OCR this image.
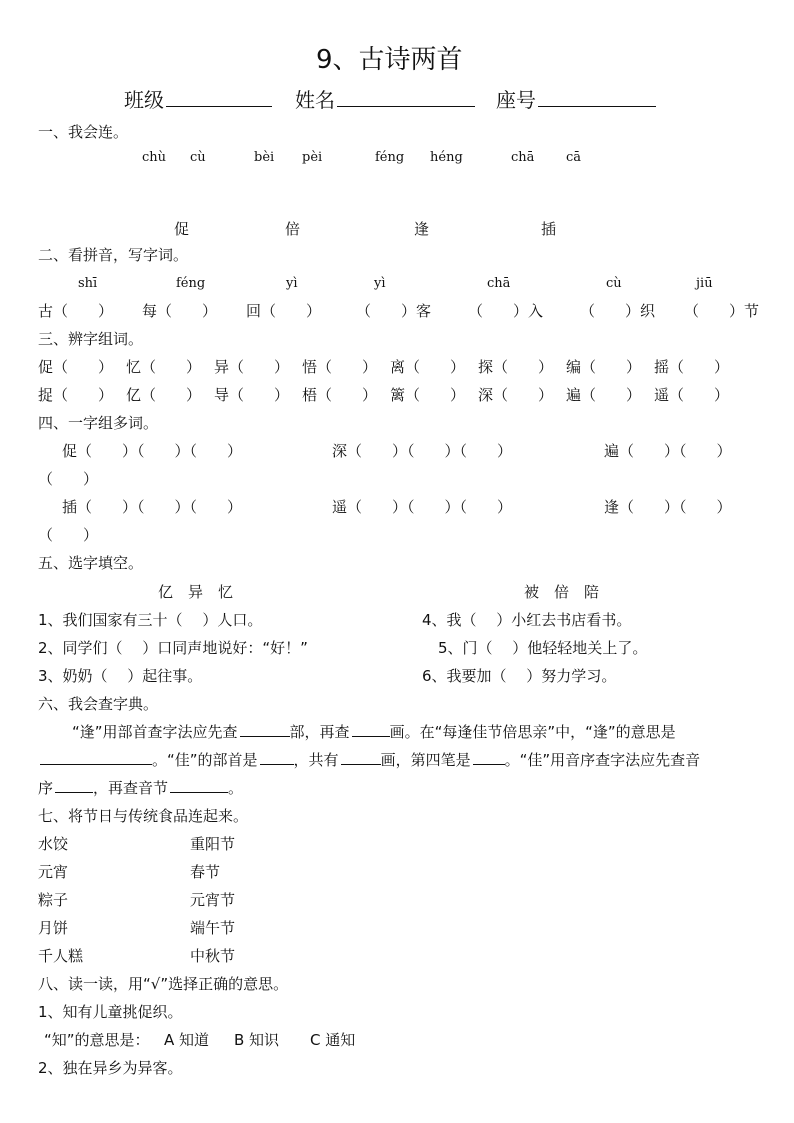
9、古诗两首
班级	姓名	座号
一、我会连。
chù cù	bèi pèi	féng héng	chā cā
促	倍	逢	插
二、看拼音，写字词。
shī	féng	yì	yì	chā	cù	jiū
古（　　） 每（　　） 回（　　） （　　）客 （　　）入 （　　）织 （　　）节
三、辨字组词。
促（　　） 忆（　　） 异（　　） 悟（　　） 离（　　） 探（　　） 编（　　） 摇（　　）
捉（　　） 亿（　　） 导（　　） 梧（　　） 篱（　　） 深（　　） 遍（　　） 遥（　　）
四、一字组多词。
促（　　）（　　）（　　）	深（　　）（　　）（　　）	遍（　　）（　　）
（　　）
插（　　）（　　）（　　）	遥（　　）（　　）（　　）	逢（　　）（　　）
（　　）
五、选字填空。
亿　异　忆	被　倍　陪
1、我们国家有三十（　 ）人口。
2、同学们（　 ）口同声地说好：“好！”
3、奶奶（　 ）起往事。
4、我（　 ）小红去书店看书。
5、门（　 ）他轻轻地关上了。
6、我要加（　 ）努力学习。
六、我会查字典。
“逢”用部首查字法应先查	部，再查	画。在“每逢佳节倍思亲”中，“逢”的意思是
。“佳”的部首是 ，共有	画，第四笔是 。“佳”用音序查字法应先查音
序	，再查音节	。
七、将节日与传统食品连起来。
水饺
元宵
粽子
月饼
千人糕
重阳节
春节
元宵节
端午节
中秋节
八、读一读，用“√”选择正确的意思。
1、知有儿童挑促织。
“知”的意思是： A 知道 B 知识 C 通知
2、独在异乡为异客。
